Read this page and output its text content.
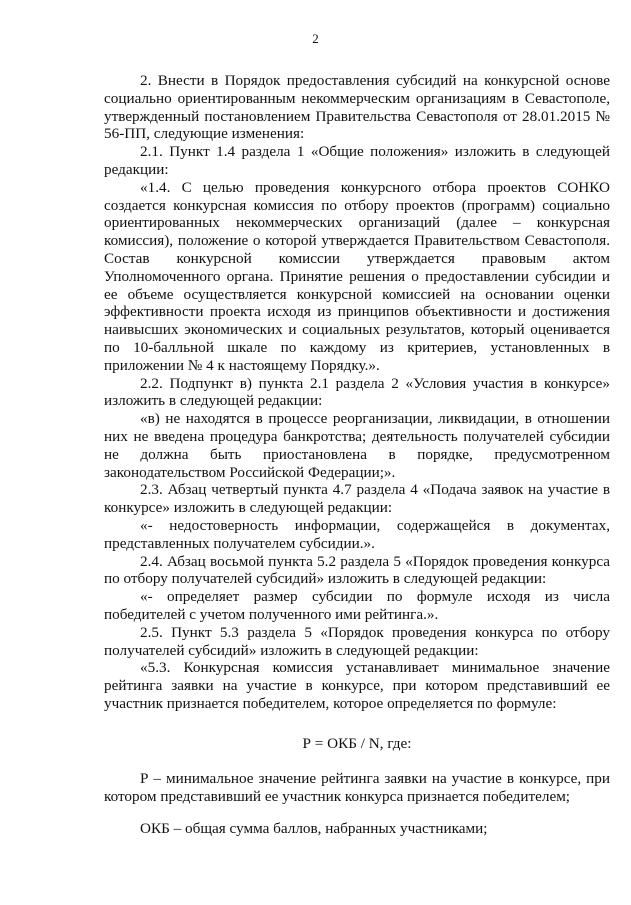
2

2. Внести в Порядок предоставления субсидий на конкурсной основе социально ориентированным некоммерческим организациям в Севастополе, утвержденный постановлением Правительства Севастополя от 28.01.2015 № 56-ПП, следующие изменения:

2.1. Пункт 1.4 раздела 1 «Общие положения» изложить в следующей редакции:

«1.4. С целью проведения конкурсного отбора проектов СОНКО создается конкурсная комиссия по отбору проектов (программ) социально ориентированных некоммерческих организаций (далее – конкурсная комиссия), положение о которой утверждается Правительством Севастополя. Состав конкурсной комиссии утверждается правовым актом Уполномоченного органа. Принятие решения о предоставлении субсидии и ее объеме осуществляется конкурсной комиссией на основании оценки эффективности проекта исходя из принципов объективности и достижения наивысших экономических и социальных результатов, который оценивается по 10-балльной шкале по каждому из критериев, установленных в приложении № 4 к настоящему Порядку.».

2.2. Подпункт в) пункта 2.1 раздела 2 «Условия участия в конкурсе» изложить в следующей редакции:

«в) не находятся в процессе реорганизации, ликвидации, в отношении них не введена процедура банкротства; деятельность получателей субсидии не должна быть приостановлена в порядке, предусмотренном законодательством Российской Федерации;».

2.3. Абзац четвертый пункта 4.7 раздела 4 «Подача заявок на участие в конкурсе» изложить в следующей редакции:

«- недостоверность информации, содержащейся в документах, представленных получателем субсидии.».

2.4. Абзац восьмой пункта 5.2 раздела 5 «Порядок проведения конкурса по отбору получателей субсидий» изложить в следующей редакции:

«- определяет размер субсидии по формуле исходя из числа победителей с учетом полученного ими рейтинга.».

2.5. Пункт 5.3 раздела 5 «Порядок проведения конкурса по отбору получателей субсидий» изложить в следующей редакции:

«5.3. Конкурсная комиссия устанавливает минимальное значение рейтинга заявки на участие в конкурсе, при котором представивший ее участник признается победителем, которое определяется по формуле:

Р = ОКБ / N, где:

Р – минимальное значение рейтинга заявки на участие в конкурсе, при котором представивший ее участник конкурса признается победителем;

ОКБ – общая сумма баллов, набранных участниками;
